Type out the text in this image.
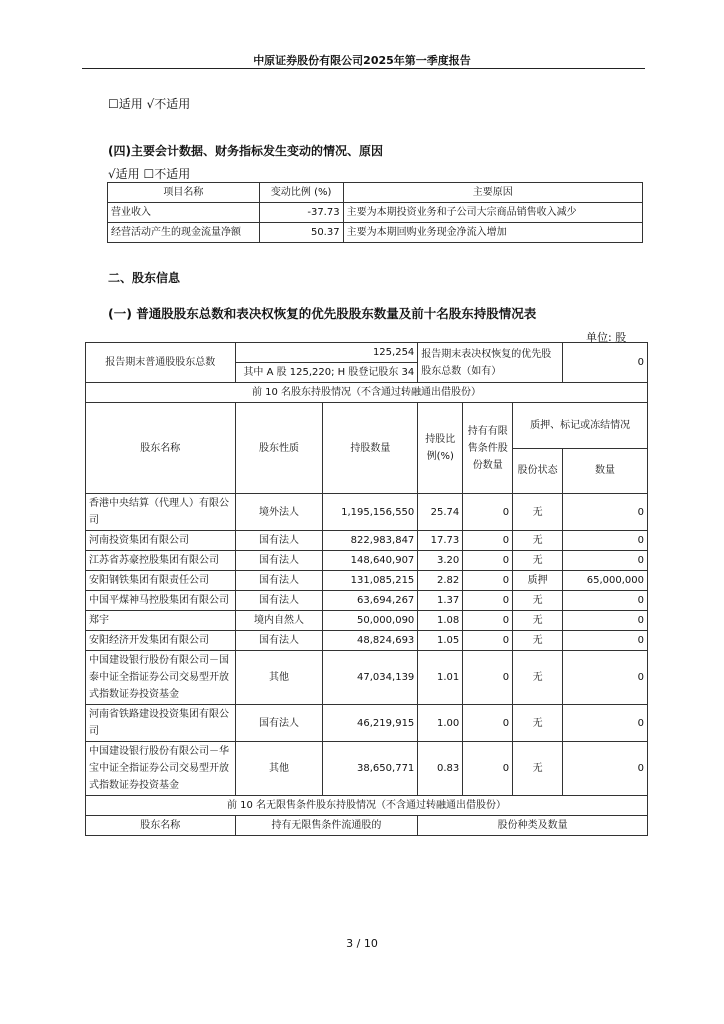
中原证券股份有限公司2025年第一季度报告
☐适用 √不适用
(四)主要会计数据、财务指标发生变动的情况、原因
√适用 ☐不适用
项目名称	变动比例 (%)	主要原因
营业收入	-37.73	主要为本期投资业务和子公司大宗商品销售收入减少
经营活动产生的现金流量净额	50.37	主要为本期回购业务现金净流入增加
二、股东信息
(一) 普通股股东总数和表决权恢复的优先股股东数量及前十名股东持股情况表
单位: 股
报告期末普通股股东总数	125,254		报告期末表决权恢复的优先股股东总数（如有）			0
	其中 A 股 125,220; H 股登记股东 34					
前 10 名股东持股情况（不含通过转融通出借股份）						
股东名称	股东性质	持股数量	持股比例(%)	持有有限售条件股份数量	质押、标记或冻结情况	
					股份状态	数量
香港中央结算（代理人）有限公司	境外法人	1,195,156,550	25.74	0	无	0
河南投资集团有限公司	国有法人	822,983,847	17.73	0	无	0
江苏省苏豪控股集团有限公司	国有法人	148,640,907	3.20	0	无	0
安阳钢铁集团有限责任公司	国有法人	131,085,215	2.82	0	质押	65,000,000
中国平煤神马控股集团有限公司	国有法人	63,694,267	1.37	0	无	0
郑宇	境内自然人	50,000,090	1.08	0	无	0
安阳经济开发集团有限公司	国有法人	48,824,693	1.05	0	无	0
中国建设银行股份有限公司－国泰中证全指证券公司交易型开放式指数证券投资基金	其他	47,034,139	1.01	0	无	0
河南省铁路建设投资集团有限公司	国有法人	46,219,915	1.00	0	无	0
中国建设银行股份有限公司－华宝中证全指证券公司交易型开放式指数证券投资基金	其他	38,650,771	0.83	0	无	0
前 10 名无限售条件股东持股情况（不含通过转融通出借股份）						
股东名称	持有无限售条件流通股的		股份种类及数量			
3 / 10
